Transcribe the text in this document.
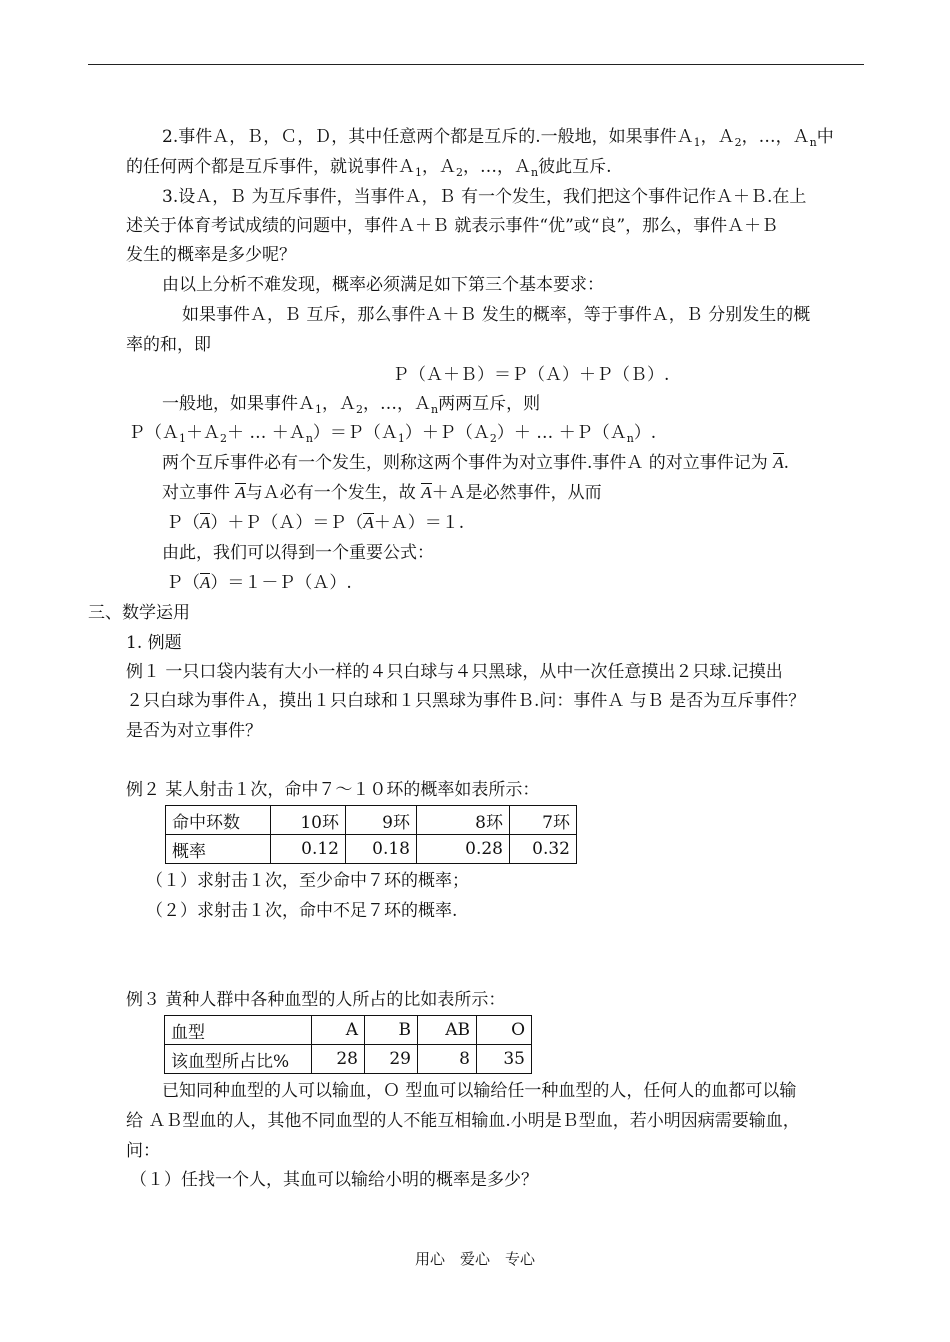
2.事件Ａ，Ｂ，Ｃ，Ｄ，其中任意两个都是互斥的.一般地，如果事件Ａ$_1$，Ａ$_2$，…，Ａ$_n$中
的任何两个都是互斥事件，就说事件Ａ$_1$，Ａ$_2$，…，Ａ$_n$彼此互斥.
3.设Ａ，Ｂ 为互斥事件，当事件Ａ，Ｂ 有一个发生，我们把这个事件记作Ａ＋Ｂ.在上
述关于体育考试成绩的问题中，事件Ａ＋Ｂ 就表示事件“优”或“良”，那么，事件Ａ＋Ｂ
发生的概率是多少呢？
由以上分析不难发现，概率必须满足如下第三个基本要求：
如果事件Ａ，Ｂ 互斥，那么事件Ａ＋Ｂ 发生的概率，等于事件Ａ，Ｂ 分别发生的概
率的和，即
Ｐ（Ａ＋Ｂ）＝Ｐ（Ａ）＋Ｐ（Ｂ）.
一般地，如果事件Ａ$_1$，Ａ$_2$，…，Ａ$_n$两两互斥，则
Ｐ（Ａ$_1$＋Ａ$_2$＋ … ＋Ａ$_n$）＝Ｐ（Ａ$_1$）＋Ｐ（Ａ$_2$）＋ … ＋Ｐ（Ａ$_n$）.
两个互斥事件必有一个发生，则称这两个事件为对立事件.事件Ａ 的对立事件记为 A.
对立事件 A与Ａ必有一个发生，故 A＋Ａ是必然事件，从而
Ｐ（A）＋Ｐ（Ａ）＝Ｐ（A＋Ａ）＝１.
由此，我们可以得到一个重要公式：
Ｐ（A）＝１－Ｐ（Ａ）.
三、数学运用
1. 例题
例１ 一只口袋内装有大小一样的４只白球与４只黑球，从中一次任意摸出２只球.记摸出
２只白球为事件Ａ，摸出１只白球和１只黑球为事件Ｂ.问：事件Ａ 与Ｂ 是否为互斥事件？
是否为对立事件？
例２ 某人射击１次，命中７～１０环的概率如表所示：
命中环数	10环	9环	8环	7环
概率	0.12	0.18	0.28	0.32
（１）求射击１次，至少命中７环的概率；
（２）求射击１次，命中不足７环的概率.
例３ 黄种人群中各种血型的人所占的比如表所示：
血型	A	B	AB	O
该血型所占比%	28	29	8	35
已知同种血型的人可以输血，Ｏ 型血可以输给任一种血型的人，任何人的血都可以输
给 ＡＢ型血的人，其他不同血型的人不能互相输血.小明是Ｂ型血，若小明因病需要输血，
问：
（１）任找一个人，其血可以输给小明的概率是多少？
用心　爱心　专心
